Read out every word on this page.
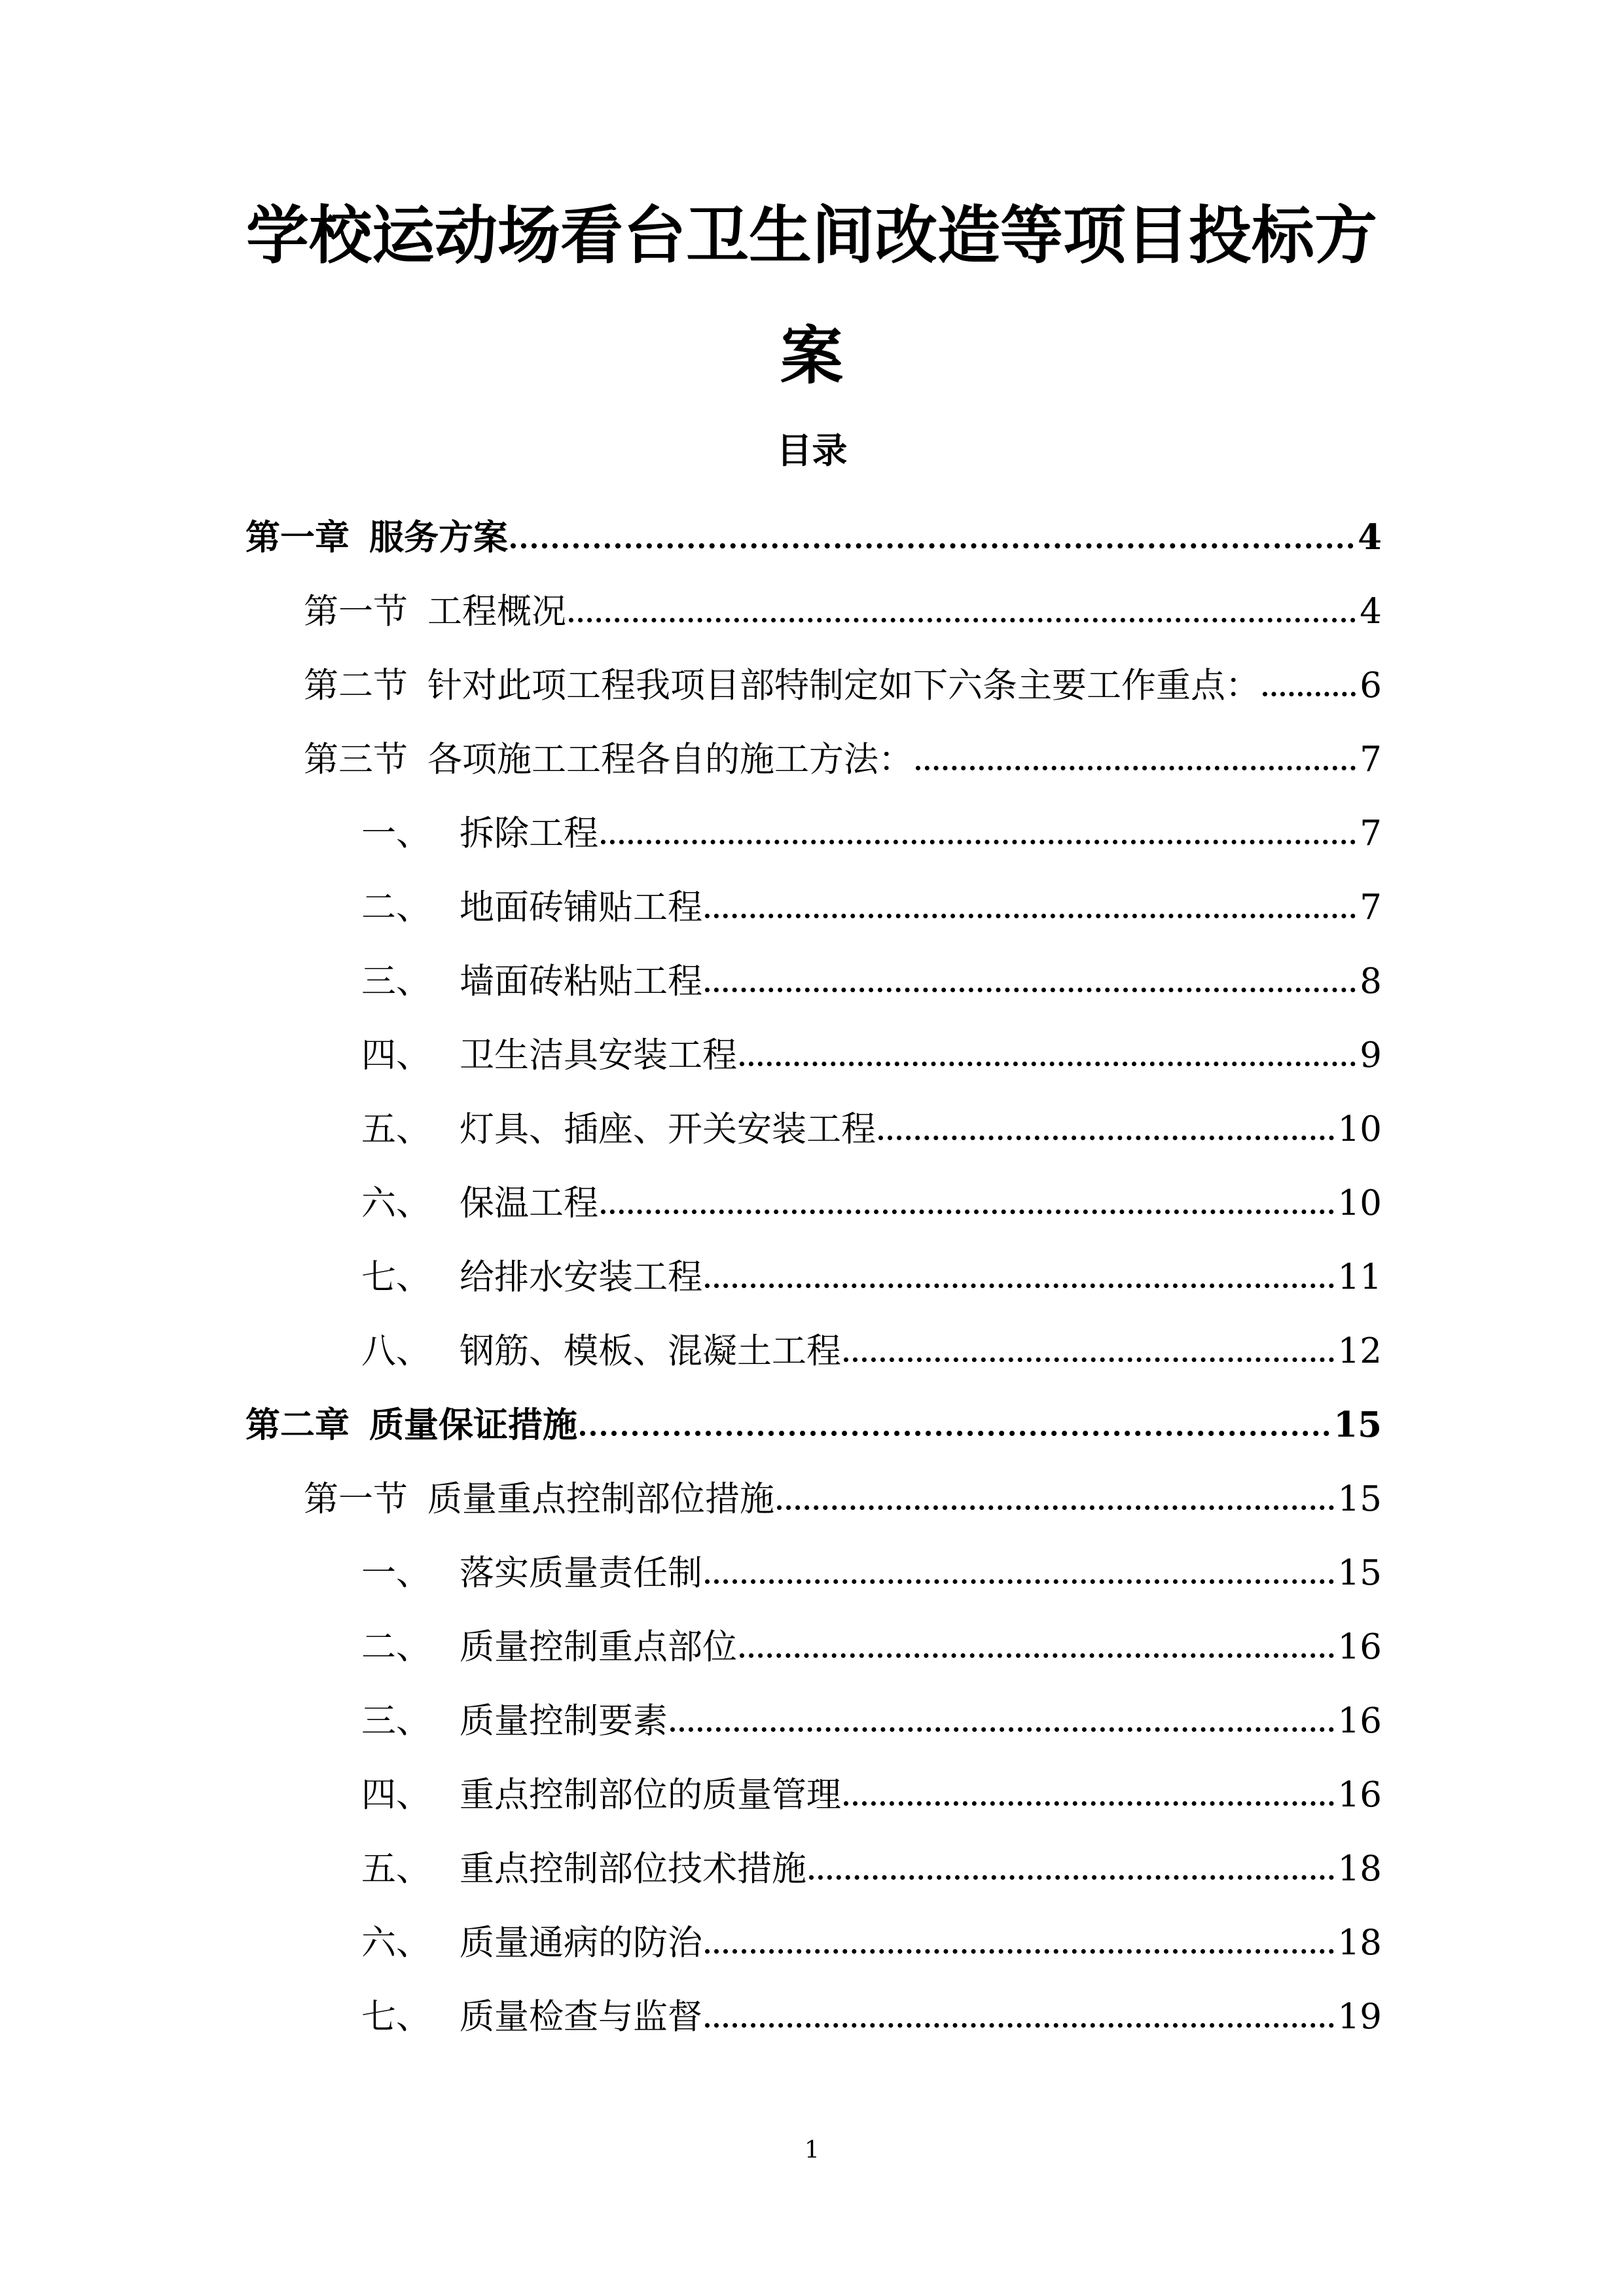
学校运动场看台卫生间改造等项目投标方
案
目录
第一章 服务方案	4
第一节 工程概况	4
第二节 针对此项工程我项目部特制定如下六条主要工作重点：	6
第三节 各项施工工程各自的施工方法：	7
一、 拆除工程	7
二、 地面砖铺贴工程	7
三、 墙面砖粘贴工程	8
四、 卫生洁具安装工程	9
五、 灯具、插座、开关安装工程	10
六、 保温工程	10
七、 给排水安装工程	11
八、 钢筋、模板、混凝土工程	12
第二章 质量保证措施	15
第一节 质量重点控制部位措施	15
一、 落实质量责任制	15
二、 质量控制重点部位	16
三、 质量控制要素	16
四、 重点控制部位的质量管理	16
五、 重点控制部位技术措施	18
六、 质量通病的防治	18
七、 质量检查与监督	19
1
